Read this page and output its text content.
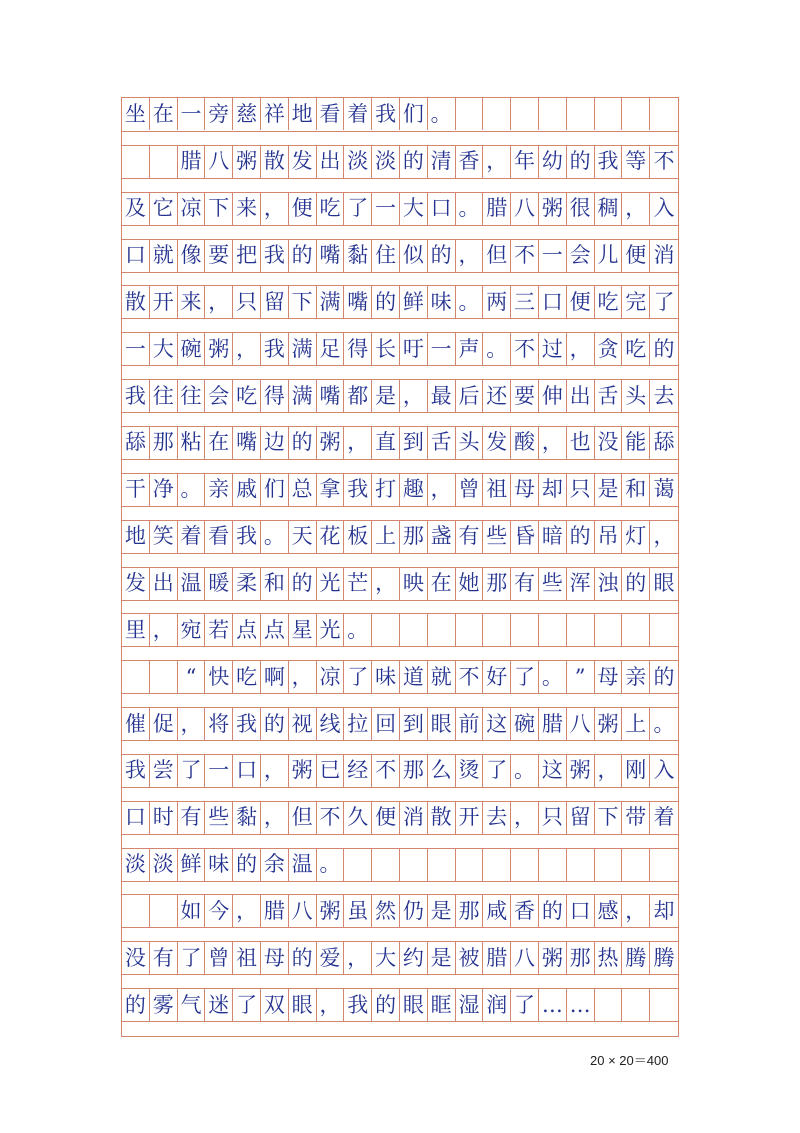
坐 在 一 旁 慈 祥 地 看 着 我 们 。
腊 八 粥 散 发 出 淡 淡 的 清 香 ， 年 幼 的 我 等 不
及 它 凉 下 来 ， 便 吃 了 一 大 口 。 腊 八 粥 很 稠 ， 入
口 就 像 要 把 我 的 嘴 黏 住 似 的 ， 但 不 一 会 儿 便 消
散 开 来 ， 只 留 下 满 嘴 的 鲜 味 。 两 三 口 便 吃 完 了
一 大 碗 粥 ， 我 满 足 得 长 吁 一 声 。 不 过 ， 贪 吃 的
我 往 往 会 吃 得 满 嘴 都 是 ， 最 后 还 要 伸 出 舌 头 去
舔 那 粘 在 嘴 边 的 粥 ， 直 到 舌 头 发 酸 ， 也 没 能 舔
干 净 。 亲 戚 们 总 拿 我 打 趣 ， 曾 祖 母 却 只 是 和 蔼
地 笑 着 看 我 。 天 花 板 上 那 盏 有 些 昏 暗 的 吊 灯 ，
发 出 温 暖 柔 和 的 光 芒 ， 映 在 她 那 有 些 浑 浊 的 眼
里 ， 宛 若 点 点 星 光 。
“ 快 吃 啊 ， 凉 了 味 道 就 不 好 了 。 ” 母 亲 的
催 促 ， 将 我 的 视 线 拉 回 到 眼 前 这 碗 腊 八 粥 上 。
我 尝 了 一 口 ， 粥 已 经 不 那 么 烫 了 。 这 粥 ， 刚 入
口 时 有 些 黏 ， 但 不 久 便 消 散 开 去 ， 只 留 下 带 着
淡 淡 鲜 味 的 余 温 。
如 今 ， 腊 八 粥 虽 然 仍 是 那 咸 香 的 口 感 ， 却
没 有 了 曾 祖 母 的 爱 ， 大 约 是 被 腊 八 粥 那 热 腾 腾
的 雾 气 迷 了 双 眼 ， 我 的 眼 眶 湿 润 了 … …
20 × 20＝400
